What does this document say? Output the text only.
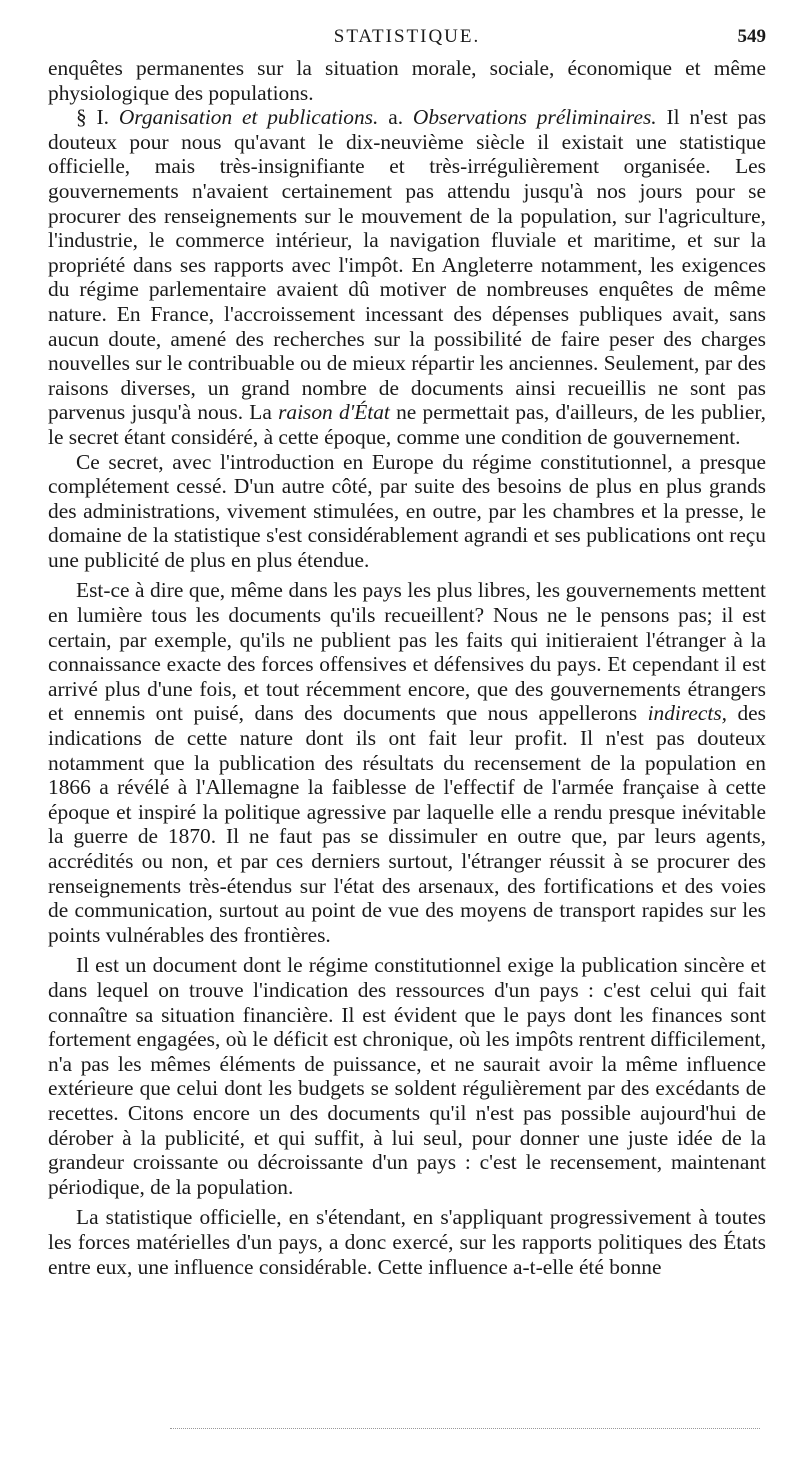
STATISTIQUE.	549

enquêtes permanentes sur la situation morale, sociale, économique et même physiologique des populations.

§ I. Organisation et publications. a. Observations préliminaires. Il n'est pas douteux pour nous qu'avant le dix-neuvième siècle il existait une statistique officielle, mais très-insignifiante et très-irrégulièrement organisée. Les gouvernements n'avaient certainement pas attendu jusqu'à nos jours pour se procurer des renseignements sur le mouvement de la population, sur l'agriculture, l'industrie, le commerce intérieur, la navigation fluviale et maritime, et sur la propriété dans ses rapports avec l'impôt. En Angleterre notamment, les exigences du régime parlementaire avaient dû motiver de nombreuses enquêtes de même nature. En France, l'accroissement incessant des dépenses publiques avait, sans aucun doute, amené des recherches sur la possibilité de faire peser des charges nouvelles sur le contribuable ou de mieux répartir les anciennes. Seulement, par des raisons diverses, un grand nombre de documents ainsi recueillis ne sont pas parvenus jusqu'à nous. La raison d'État ne permettait pas, d'ailleurs, de les publier, le secret étant considéré, à cette époque, comme une condition de gouvernement.

Ce secret, avec l'introduction en Europe du régime constitutionnel, a presque complétement cessé. D'un autre côté, par suite des besoins de plus en plus grands des administrations, vivement stimulées, en outre, par les chambres et la presse, le domaine de la statistique s'est considérablement agrandi et ses publications ont reçu une publicité de plus en plus étendue.

Est-ce à dire que, même dans les pays les plus libres, les gouvernements mettent en lumière tous les documents qu'ils recueillent? Nous ne le pensons pas; il est certain, par exemple, qu'ils ne publient pas les faits qui initieraient l'étranger à la connaissance exacte des forces offensives et défensives du pays. Et cependant il est arrivé plus d'une fois, et tout récemment encore, que des gouvernements étrangers et ennemis ont puisé, dans des documents que nous appellerons indirects, des indications de cette nature dont ils ont fait leur profit. Il n'est pas douteux notamment que la publication des résultats du recensement de la population en 1866 a révélé à l'Allemagne la faiblesse de l'effectif de l'armée française à cette époque et inspiré la politique agressive par laquelle elle a rendu presque inévitable la guerre de 1870. Il ne faut pas se dissimuler en outre que, par leurs agents, accrédités ou non, et par ces derniers surtout, l'étranger réussit à se procurer des renseignements très-étendus sur l'état des arsenaux, des fortifications et des voies de communication, surtout au point de vue des moyens de transport rapides sur les points vulnérables des frontières.

Il est un document dont le régime constitutionnel exige la publication sincère et dans lequel on trouve l'indication des ressources d'un pays : c'est celui qui fait connaître sa situation financière. Il est évident que le pays dont les finances sont fortement engagées, où le déficit est chronique, où les impôts rentrent difficilement, n'a pas les mêmes éléments de puissance, et ne saurait avoir la même influence extérieure que celui dont les budgets se soldent régulièrement par des excédants de recettes. Citons encore un des documents qu'il n'est pas possible aujourd'hui de dérober à la publicité, et qui suffit, à lui seul, pour donner une juste idée de la grandeur croissante ou décroissante d'un pays : c'est le recensement, maintenant périodique, de la population.

La statistique officielle, en s'étendant, en s'appliquant progressivement à toutes les forces matérielles d'un pays, a donc exercé, sur les rapports politiques des États entre eux, une influence considérable. Cette influence a-t-elle été bonne
